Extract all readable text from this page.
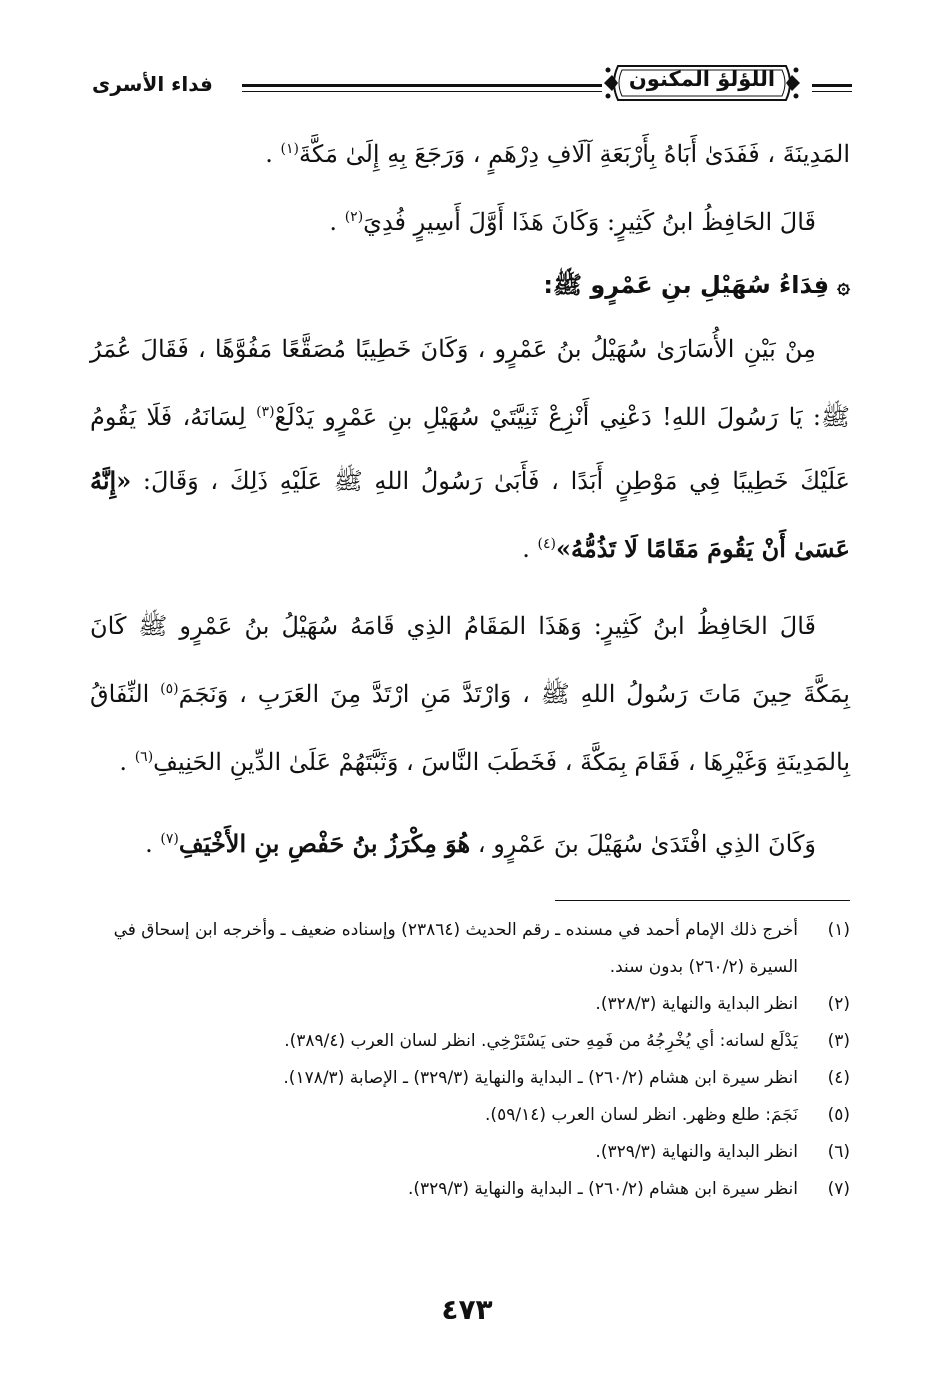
اللؤلؤ المكنون
فداء الأسرى

المَدِينَةَ ، فَفَدَىٰ أَبَاهُ بِأَرْبَعَةِ آلَافِ دِرْهَمٍ ، وَرَجَعَ بِهِ إِلَىٰ مَكَّةَ$^{(١)}$ .

قَالَ الحَافِظُ ابنُ كَثِيرٍ: وَكَانَ هَذَا أَوَّلَ أَسِيرٍ فُدِيَ$^{(٢)}$ .

۞فِدَاءُ سُهَيْلِ بنِ عَمْرٍو ﷺ:

مِنْ بَيْنِ الأُسَارَىٰ سُهَيْلُ بنُ عَمْرٍو ، وَكَانَ خَطِيبًا مُصَقَّعًا مَفُوَّهًا ، فَقَالَ عُمَرُ ﷺ: يَا رَسُولَ اللهِ! دَعْنِي أَنْزِعْ ثَنِيَّتَيْ سُهَيْلِ بنِ عَمْرٍو يَدْلَعْ$^{(٣)}$ لِسَانَهُ، فَلَا يَقُومُ عَلَيْكَ خَطِيبًا فِي مَوْطِنٍ أَبَدًا ، فَأَبَىٰ رَسُولُ اللهِ ﷺ عَلَيْهِ ذَلِكَ ، وَقَالَ: «إِنَّهُ عَسَىٰ أَنْ يَقُومَ مَقَامًا لَا تَذُمُّهُ»$^{(٤)}$ .

قَالَ الحَافِظُ ابنُ كَثِيرٍ: وَهَذَا المَقَامُ الذِي قَامَهُ سُهَيْلُ بنُ عَمْرٍو ﷺ كَانَ بِمَكَّةَ حِينَ مَاتَ رَسُولُ اللهِ ﷺ ، وَارْتَدَّ مَنِ ارْتَدَّ مِنَ العَرَبِ ، وَنَجَمَ$^{(٥)}$ النِّفَاقُ بِالمَدِينَةِ وَغَيْرِهَا ، فَقَامَ بِمَكَّةَ ، فَخَطَبَ النَّاسَ ، وَثَبَّتَهُمْ عَلَىٰ الدِّينِ الحَنِيفِ$^{(٦)}$ .

وَكَانَ الذِي افْتَدَىٰ سُهَيْلَ بنَ عَمْرٍو ، هُوَ مِكْرَزُ بنُ حَفْصِ بنِ الأَخْيَفِ$^{(٧)}$ .

(١)
أخرج ذلك الإمام أحمد في مسنده ـ رقم الحديث (٢٣٨٦٤) وإسناده ضعيف ـ وأخرجه ابن إسحاق في السيرة (٢٦٠/٢) بدون سند.
(٢)
انظر البداية والنهاية (٣٢٨/٣).
(٣)
يَدْلَع لسانه: أي يُخْرِجُهُ من فَمِهِ حتى يَسْتَرْخِي. انظر لسان العرب (٣٨٩/٤).
(٤)
انظر سيرة ابن هشام (٢٦٠/٢) ـ البداية والنهاية (٣٢٩/٣) ـ الإصابة (١٧٨/٣).
(٥)
نَجَمَ: طلع وظهر. انظر لسان العرب (٥٩/١٤).
(٦)
انظر البداية والنهاية (٣٢٩/٣).
(٧)
انظر سيرة ابن هشام (٢٦٠/٢) ـ البداية والنهاية (٣٢٩/٣).
٤٧٣
